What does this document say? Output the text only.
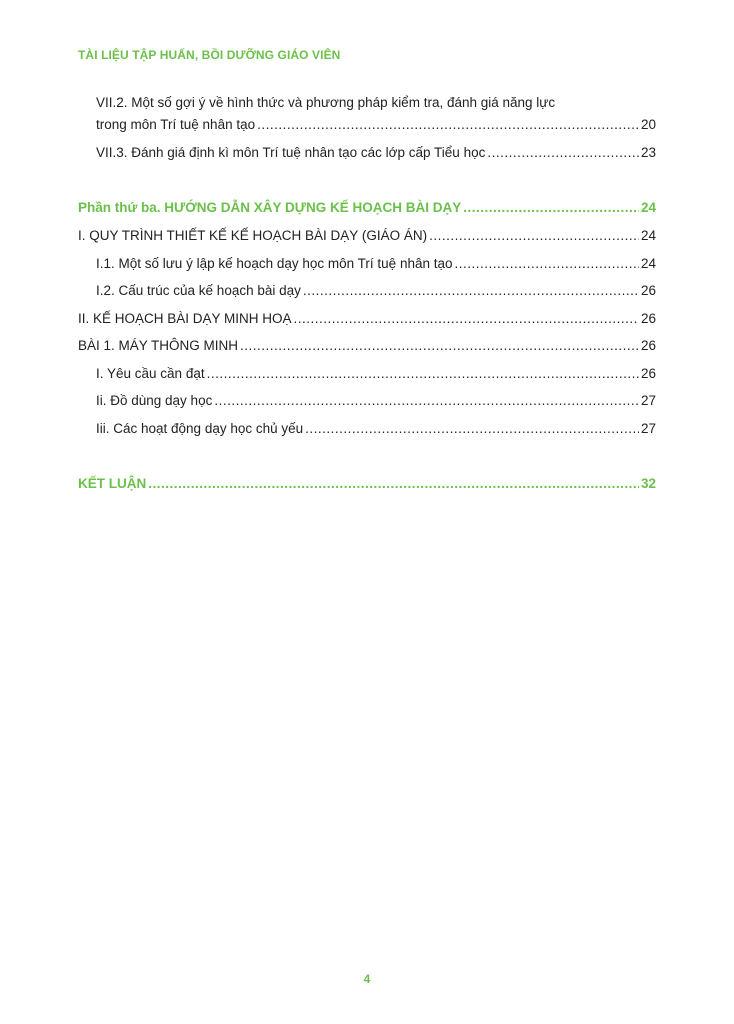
TÀI LIỆU TẬP HUẤN, BỒI DƯỠNG GIÁO VIÊN
VII.2. Một số gợi ý về hình thức và phương pháp kiểm tra, đánh giá năng lực
trong môn Trí tuệ nhân tạo .....	20
VII.3. Đánh giá định kì môn Trí tuệ nhân tạo các lớp cấp Tiểu học .....	23
Phần thứ ba. HƯỚNG DẪN XÂY DỰNG KẾ HOẠCH BÀI DẠY .....	24
I. QUY TRÌNH THIẾT KẾ KẾ HOẠCH BÀI DẠY (GIÁO ÁN) .....	24
I.1. Một số lưu ý lập kế hoạch dạy học môn Trí tuệ nhân tạo .....	24
I.2. Cấu trúc của kế hoạch bài dạy .....	26
II. KẾ HOẠCH BÀI DẠY MINH HOẠ .....	26
BÀI 1. MÁY THÔNG MINH .....	26
I. Yêu cầu cần đạt .....	26
Ii. Đồ dùng dạy học .....	27
Iii. Các hoạt động dạy học chủ yếu .....	27
KẾT LUẬN .....	32
4
